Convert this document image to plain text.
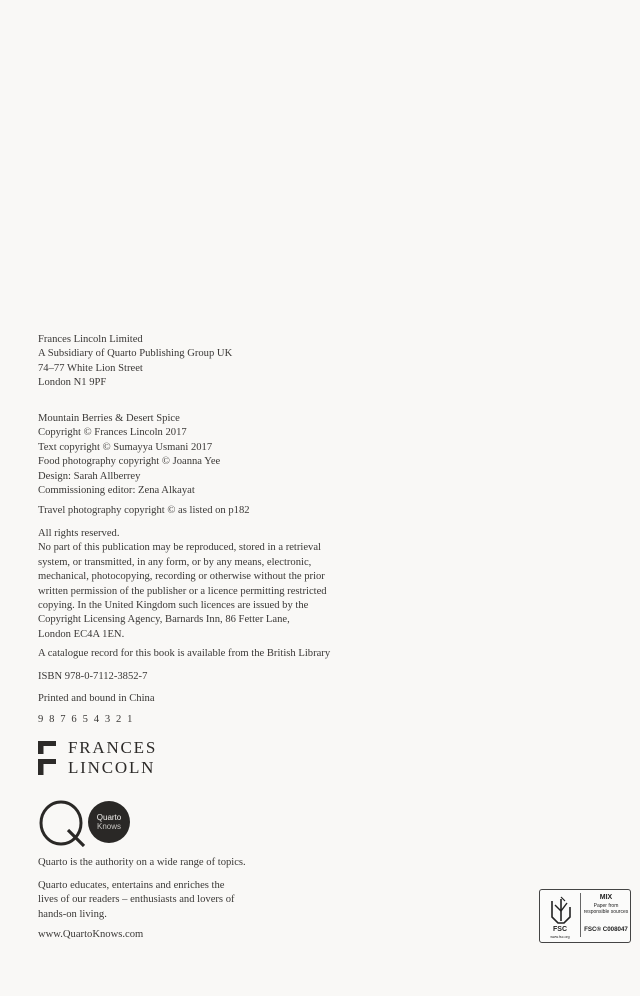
Frances Lincoln Limited
A Subsidiary of Quarto Publishing Group UK
74–77 White Lion Street
London N1 9PF
Mountain Berries & Desert Spice
Copyright © Frances Lincoln 2017
Text copyright © Sumayya Usmani 2017
Food photography copyright © Joanna Yee
Design: Sarah Allberrey
Commissioning editor: Zena Alkayat
Travel photography copyright © as listed on p182
All rights reserved.
No part of this publication may be reproduced, stored in a retrieval
system, or transmitted, in any form, or by any means, electronic,
mechanical, photocopying, recording or otherwise without the prior
written permission of the publisher or a licence permitting restricted
copying. In the United Kingdom such licences are issued by the
Copyright Licensing Agency, Barnards Inn, 86 Fetter Lane,
London EC4A 1EN.
A catalogue record for this book is available from the British Library
ISBN 978-0-7112-3852-7
Printed and bound in China
9 8 7 6 5 4 3 2 1
FRANCES
LINCOLN
Quarto
Knows
Quarto is the authority on a wide range of topics.
Quarto educates, entertains and enriches the
lives of our readers – enthusiasts and lovers of
hands-on living.
www.QuartoKnows.com	FSC
www.fsc.org
MIX
Paper from
responsible sources
FSC® C008047
